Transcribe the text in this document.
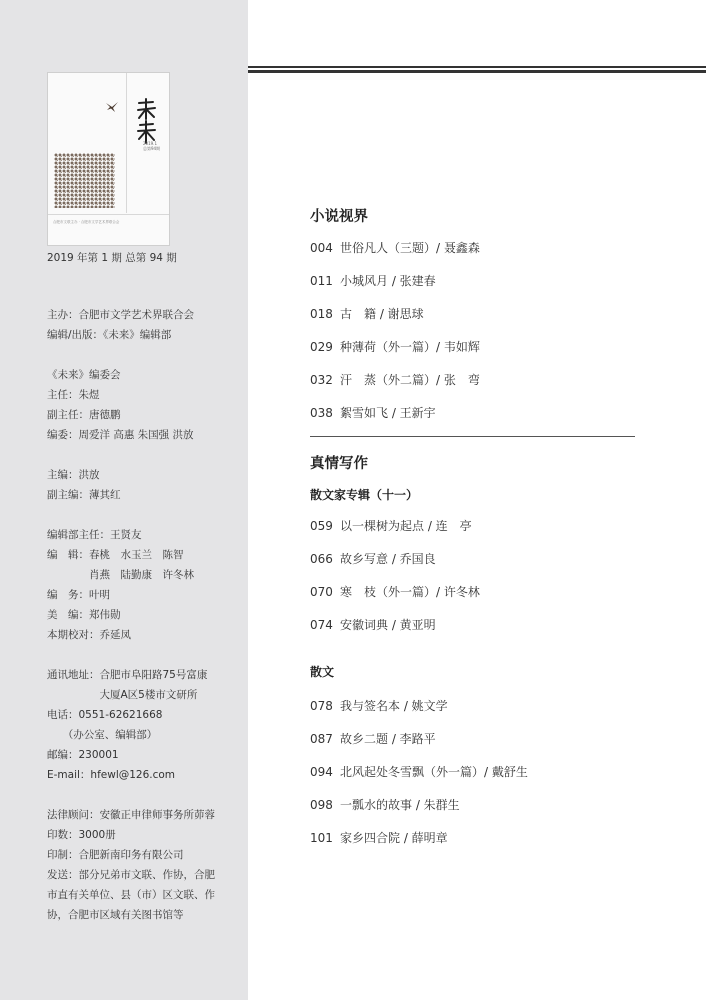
2019.1
总第94期
合肥市文联主办 · 合肥市文学艺术界联合会
2019 年第 1 期 总第 94 期
主办：合肥市文学艺术界联合会
编辑/出版：《未来》编辑部
《未来》编委会
主任：朱煜
副主任：唐德鹏
编委：周爱洋 高惠 朱国强 洪放
主编：洪放
副主编：薄其红
编辑部主任：王贤友
编　辑：春桃　水玉兰　陈智
　　　　肖燕　陆勤康　许冬林
编　务：叶明
美　编：郑伟勋
本期校对：乔延凤
通讯地址：合肥市阜阳路75号富康
　　　　　大厦A区5楼市文研所
电话：0551-62621668
　　（办公室、编辑部）
邮编：230001
E-mail：hfewl@126.com
法律顾问：安徽正申律师事务所茆蓉
印数：3000册
印制：合肥新南印务有限公司
发送：部分兄弟市文联、作协，合肥
市直有关单位、县（市）区文联、作
协，合肥市区域有关图书馆等
小说视界
004 世俗凡人（三题）/ 聂鑫森
011 小城风月 / 张建春
018 古　籍 / 谢思球
029 种薄荷（外一篇）/ 韦如辉
032 汗　蒸（外二篇）/ 张　弯
038 絮雪如飞 / 王新宇
真情写作
散文家专辑（十一）
059 以一棵树为起点 / 连　亭
066 故乡写意 / 乔国良
070 寒　枝（外一篇）/ 许冬林
074 安徽词典 / 黄亚明
散文
078 我与签名本 / 姚文学
087 故乡二题 / 李路平
094 北风起处冬雪飘（外一篇）/ 戴舒生
098 一瓢水的故事 / 朱群生
101 家乡四合院 / 薛明章
